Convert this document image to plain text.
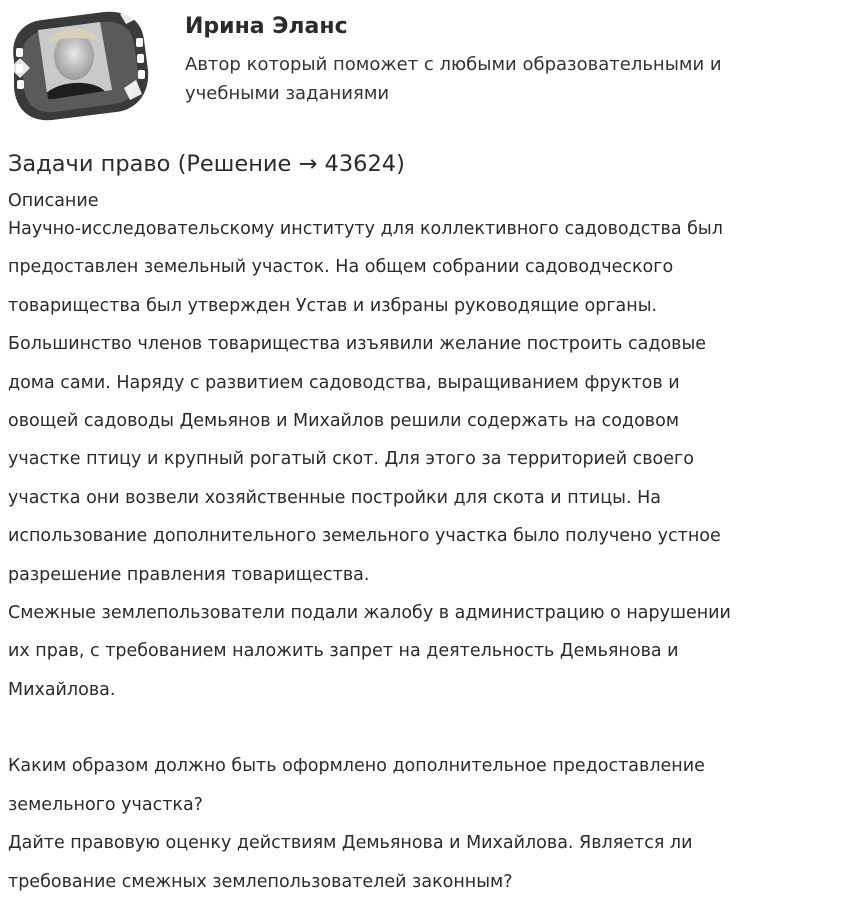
Ирина Эланс
Автор который поможет с любыми образовательными и учебными заданиями
Задачи право (Решение → 43624)
Описание
Научно-исследовательскому институту для коллективного садоводства был
предоставлен земельный участок. На общем собрании садоводческого
товарищества был утвержден Устав и избраны руководящие органы.
Большинство членов товарищества изъявили желание построить садовые
дома сами. Наряду с развитием садоводства, выращиванием фруктов и
овощей садоводы Демьянов и Михайлов решили содержать на содовом
участке птицу и крупный рогатый скот. Для этого за территорией своего
участка они возвели хозяйственные постройки для скота и птицы. На
использование дополнительного земельного участка было получено устное
разрешение правления товарищества.
Смежные землепользователи подали жалобу в администрацию о нарушении
их прав, с требованием наложить запрет на деятельность Демьянова и
Михайлова.
Каким образом должно быть оформлено дополнительное предоставление
земельного участка?
Дайте правовую оценку действиям Демьянова и Михайлова. Является ли
требование смежных землепользователей законным?
